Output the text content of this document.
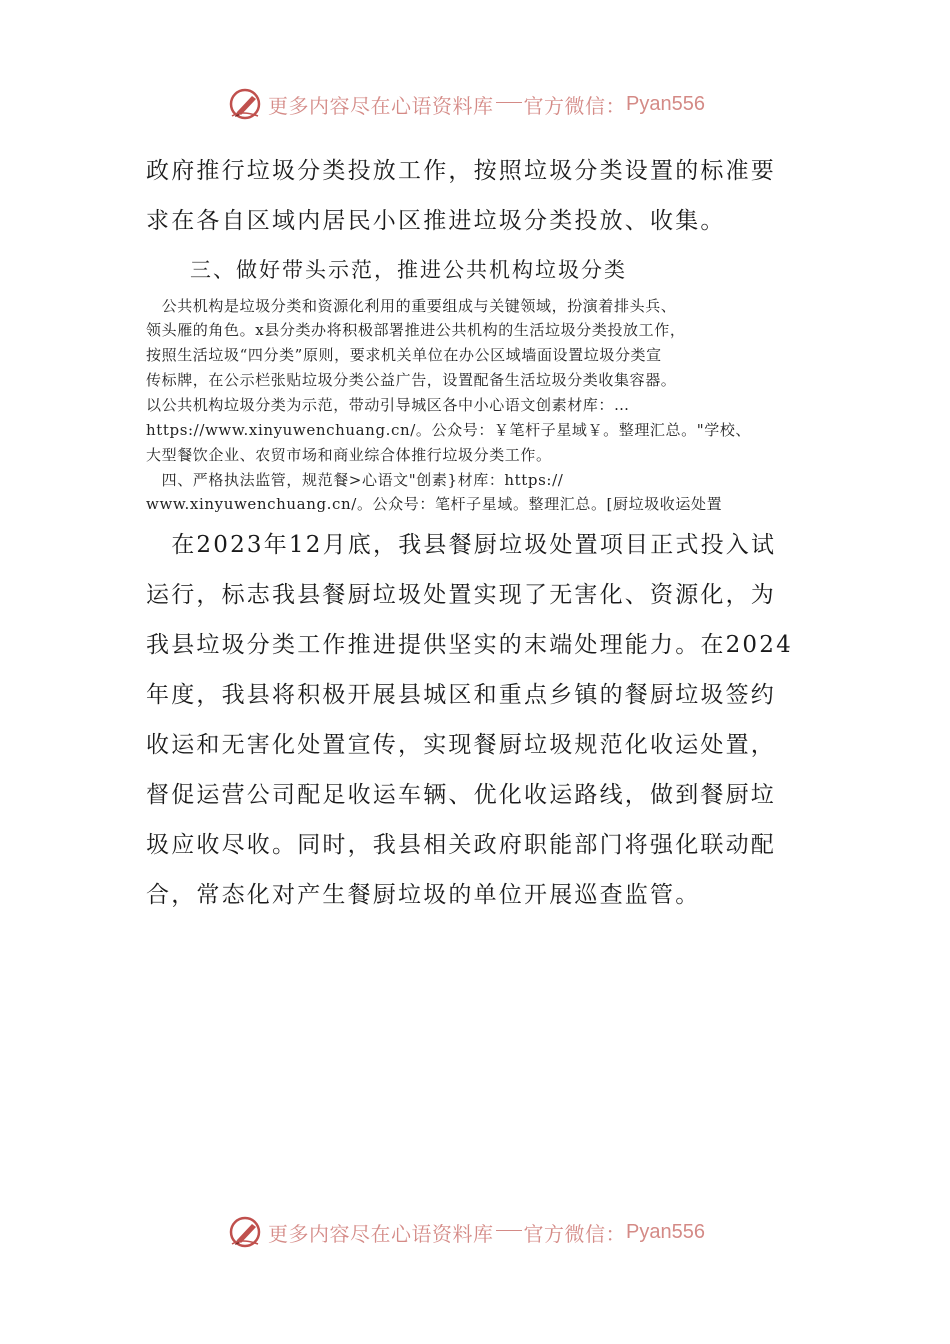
更多内容尽在心语资料库 官方微信： Pyan556

政府推行垃圾分类投放工作，按照垃圾分类设置的标准要

求在各自区域内居民小区推进垃圾分类投放、收集。

三、做好带头示范，推进公共机构垃圾分类

　公共机构是垃圾分类和资源化利用的重要组成与关键领域，扮演着排头兵、

领头雁的角色。x县分类办将积极部署推进公共机构的生活垃圾分类投放工作，

按照生活垃圾“四分类”原则，要求机关单位在办公区域墙面设置垃圾分类宣

传标牌，在公示栏张贴垃圾分类公益广告，设置配备生活垃圾分类收集容器。

以公共机构垃圾分类为示范，带动引导城区各中小心语文创素材库：…

https://www.xinyuwenchuang.cn/。公众号：￥笔杆子星域￥。整理汇总。"学校、

大型餐饮企业、农贸市场和商业综合体推行垃圾分类工作。

　四、严格执法监管，规范餐>心语文"创素}材库：https://

www.xinyuwenchuang.cn/。公众号：笔杆子星域。整理汇总。[厨垃圾收运处置

　在2023年12月底，我县餐厨垃圾处置项目正式投入试

运行，标志我县餐厨垃圾处置实现了无害化、资源化，为

我县垃圾分类工作推进提供坚实的末端处理能力。在2024

年度，我县将积极开展县城区和重点乡镇的餐厨垃圾签约

收运和无害化处置宣传，实现餐厨垃圾规范化收运处置，

督促运营公司配足收运车辆、优化收运路线，做到餐厨垃

圾应收尽收。同时，我县相关政府职能部门将强化联动配

合，常态化对产生餐厨垃圾的单位开展巡查监管。

更多内容尽在心语资料库 官方微信： Pyan556
